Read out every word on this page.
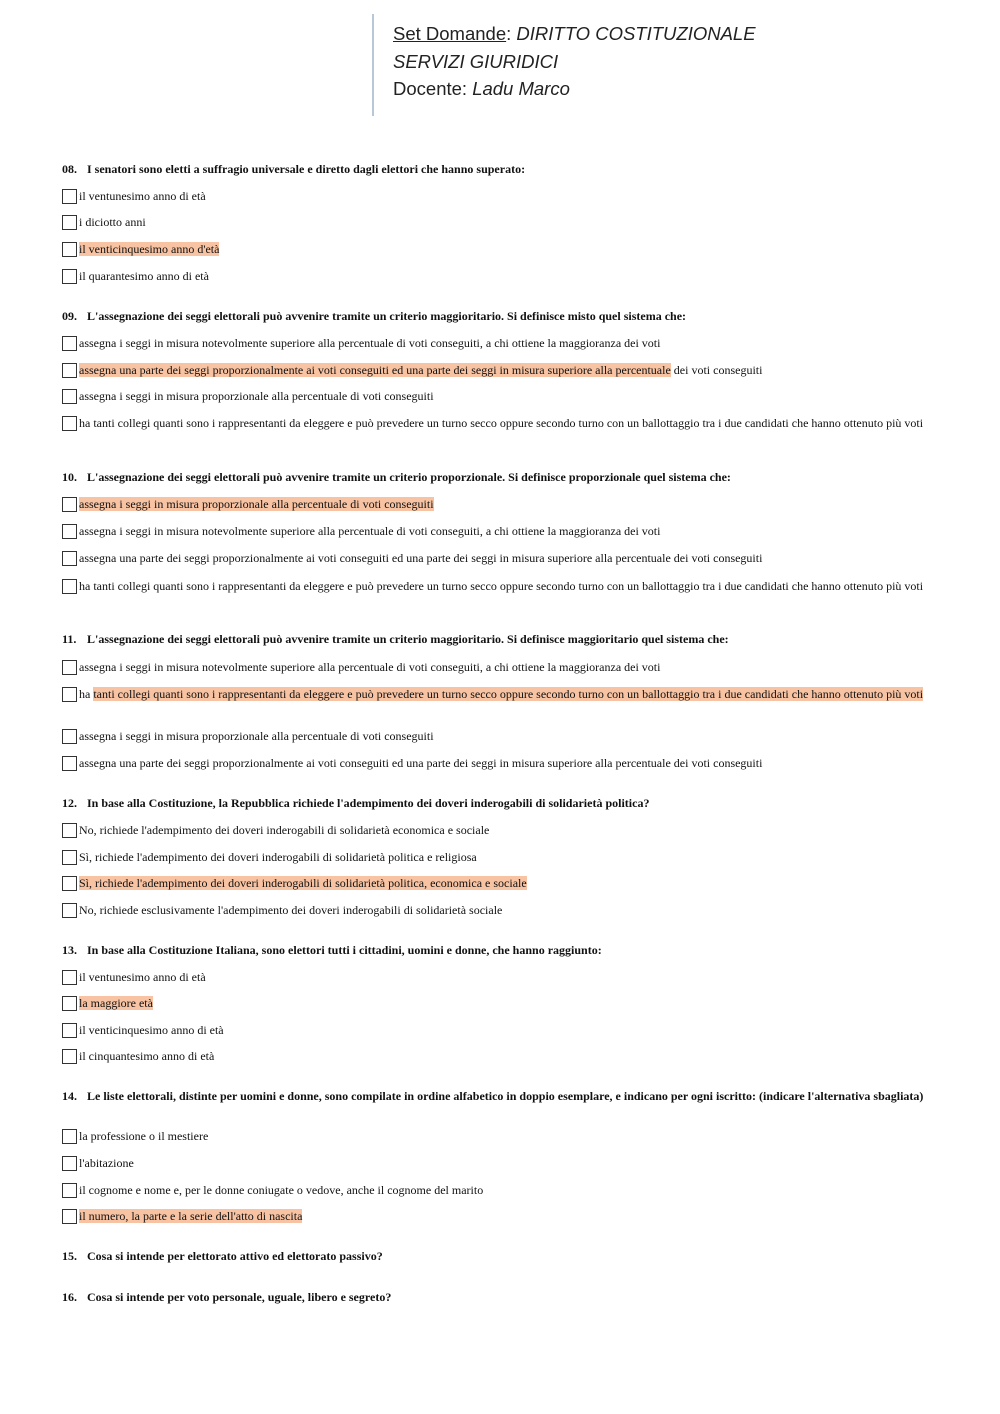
Set Domande: DIRITTO COSTITUZIONALE
SERVIZI GIURIDICI
Docente: Ladu Marco
08. I senatori sono eletti a suffragio universale e diretto dagli elettori che hanno superato:
il ventunesimo anno di età
i diciotto anni
il venticinquesimo anno d'età
il quarantesimo anno di età
09. L'assegnazione dei seggi elettorali può avvenire tramite un criterio maggioritario. Si definisce misto quel sistema che:
assegna i seggi in misura notevolmente superiore alla percentuale di voti conseguiti, a chi ottiene la maggioranza dei voti
assegna una parte dei seggi proporzionalmente ai voti conseguiti ed una parte dei seggi in misura superiore alla percentuale dei voti conseguiti
assegna i seggi in misura proporzionale alla percentuale di voti conseguiti
ha tanti collegi quanti sono i rappresentanti da eleggere e può prevedere un turno secco oppure secondo turno con un ballottaggio tra i due candidati che hanno ottenuto più voti
10. L'assegnazione dei seggi elettorali può avvenire tramite un criterio proporzionale. Si definisce proporzionale quel sistema che:
assegna i seggi in misura proporzionale alla percentuale di voti conseguiti
assegna i seggi in misura notevolmente superiore alla percentuale di voti conseguiti, a chi ottiene la maggioranza dei voti
assegna una parte dei seggi proporzionalmente ai voti conseguiti ed una parte dei seggi in misura superiore alla percentuale dei voti conseguiti
ha tanti collegi quanti sono i rappresentanti da eleggere e può prevedere un turno secco oppure secondo turno con un ballottaggio tra i due candidati che hanno ottenuto più voti
11. L'assegnazione dei seggi elettorali può avvenire tramite un criterio maggioritario. Si definisce maggioritario quel sistema che:
assegna i seggi in misura notevolmente superiore alla percentuale di voti conseguiti, a chi ottiene la maggioranza dei voti
ha tanti collegi quanti sono i rappresentanti da eleggere e può prevedere un turno secco oppure secondo turno con un ballottaggio tra i due candidati che hanno ottenuto più voti
assegna i seggi in misura proporzionale alla percentuale di voti conseguiti
assegna una parte dei seggi proporzionalmente ai voti conseguiti ed una parte dei seggi in misura superiore alla percentuale dei voti conseguiti
12. In base alla Costituzione, la Repubblica richiede l'adempimento dei doveri inderogabili di solidarietà politica?
No, richiede l'adempimento dei doveri inderogabili di solidarietà economica e sociale
Sì, richiede l'adempimento dei doveri inderogabili di solidarietà politica e religiosa
Sì, richiede l'adempimento dei doveri inderogabili di solidarietà politica, economica e sociale
No, richiede esclusivamente l'adempimento dei doveri inderogabili di solidarietà sociale
13. In base alla Costituzione Italiana, sono elettori tutti i cittadini, uomini e donne, che hanno raggiunto:
il ventunesimo anno di età
la maggiore età
il venticinquesimo anno di età
il cinquantesimo anno di età
14. Le liste elettorali, distinte per uomini e donne, sono compilate in ordine alfabetico in doppio esemplare, e indicano per ogni iscritto: (indicare l'alternativa sbagliata)
la professione o il mestiere
l'abitazione
il cognome e nome e, per le donne coniugate o vedove, anche il cognome del marito
il numero, la parte e la serie dell'atto di nascita
15. Cosa si intende per elettorato attivo ed elettorato passivo?
16. Cosa si intende per voto personale, uguale, libero e segreto?
